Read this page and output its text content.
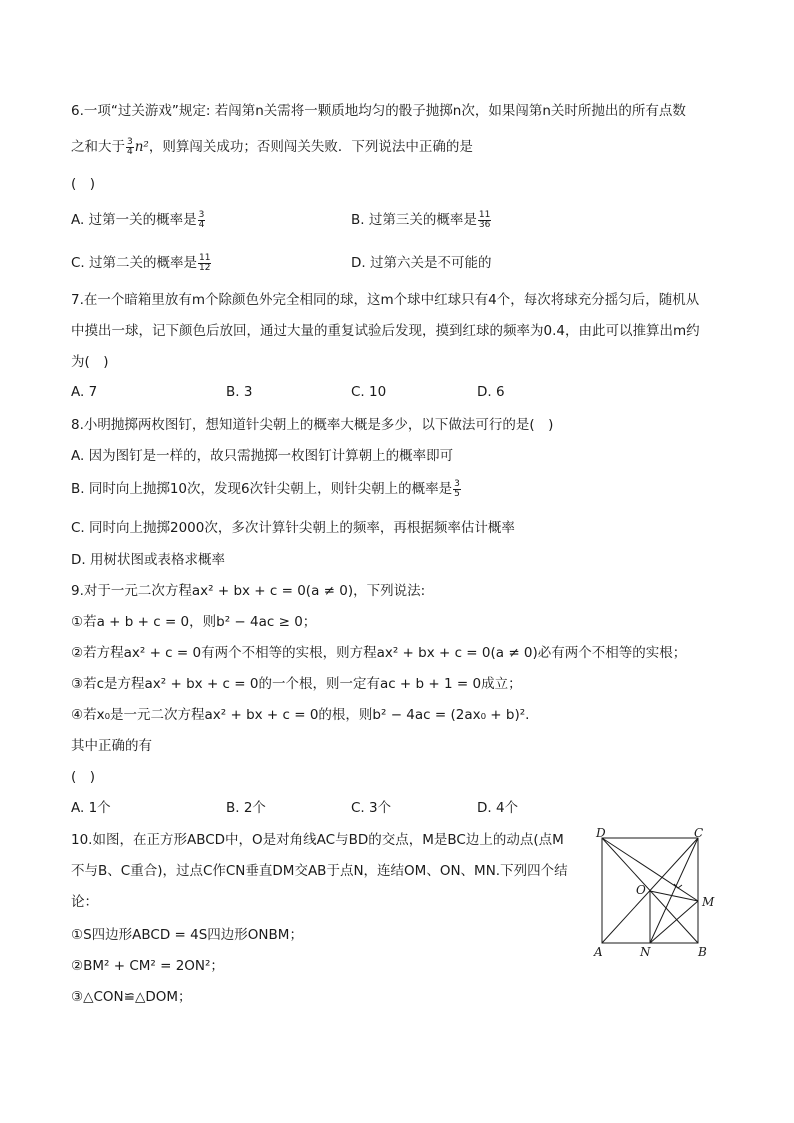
6.一项“过关游戏”规定: 若闯第n关需将一颗质地均匀的骰子抛掷n次，如果闯第n关时所抛出的所有点数
之和大于 $\frac{3}{4} n^2$，则算闯关成功；否则闯关失败．下列说法中正确的是
(　)
A. 过第一关的概率是 $\frac{3}{4}$	B. 过第三关的概率是 $\frac{11}{36}$
C. 过第二关的概率是 $\frac{11}{12}$	D. 过第六关是不可能的
7.在一个暗箱里放有m个除颜色外完全相同的球，这m个球中红球只有4个，每次将球充分摇匀后，随机从
中摸出一球，记下颜色后放回，通过大量的重复试验后发现，摸到红球的频率为0.4，由此可以推算出m约
为(　)
A. 7	B. 3	C. 10	D. 6
8.小明抛掷两枚图钉，想知道针尖朝上的概率大概是多少，以下做法可行的是(　)
A. 因为图钉是一样的，故只需抛掷一枚图钉计算朝上的概率即可
B. 同时向上抛掷10次，发现6次针尖朝上，则针尖朝上的概率是 $\frac{3}{5}$
C. 同时向上抛掷2000次，多次计算针尖朝上的频率，再根据频率估计概率
D. 用树状图或表格求概率
9.对于一元二次方程ax² + bx + c = 0(a ≠ 0)，下列说法:
①若a + b + c = 0，则b² − 4ac ≥ 0；
②若方程ax² + c = 0有两个不相等的实根，则方程ax² + bx + c = 0(a ≠ 0)必有两个不相等的实根；
③若c是方程ax² + bx + c = 0的一个根，则一定有ac + b + 1 = 0成立；
④若x₀是一元二次方程ax² + bx + c = 0的根，则b² − 4ac = (2ax₀ + b)².
其中正确的有
(　)
A. 1个	B. 2个	C. 3个	D. 4个
10.如图，在正方形ABCD中，O是对角线AC与BD的交点，M是BC边上的动点(点M
不与B、C重合)，过点C作CN垂直DM交AB于点N，连结OM、ON、MN.下列四个结
论：
①S四边形ABCD = 4S四边形ONBM；
②BM² + CM² = 2ON²；
③△CON≌△DOM；
D	C
A	B
O
M
N
